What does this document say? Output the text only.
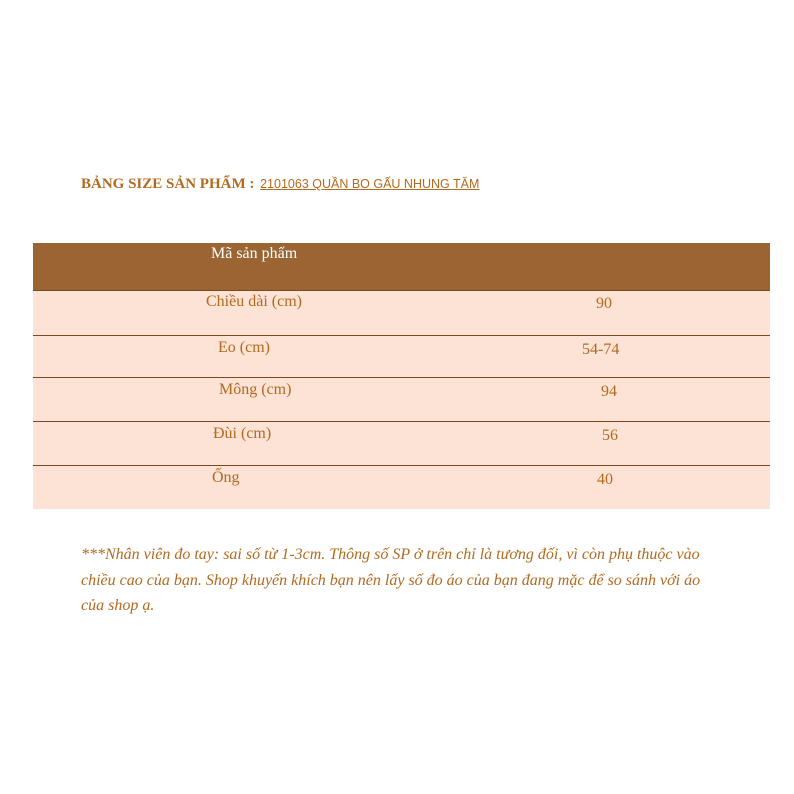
BẢNG SIZE SẢN PHẨM : 2101063 QUẦN BO GẤU NHUNG TĂM
Mã sản phẩm
Chiều dài (cm)	90
Eo (cm)	54-74
Mông (cm)	94
Đùi (cm)	56
Ống	40
***Nhân viên đo tay: sai số từ 1-3cm. Thông số SP ở trên chỉ là tương đối, vì còn phụ thuộc vào chiều cao của bạn. Shop khuyến khích bạn nên lấy số đo áo của bạn đang mặc để so sánh với áo của shop ạ.
